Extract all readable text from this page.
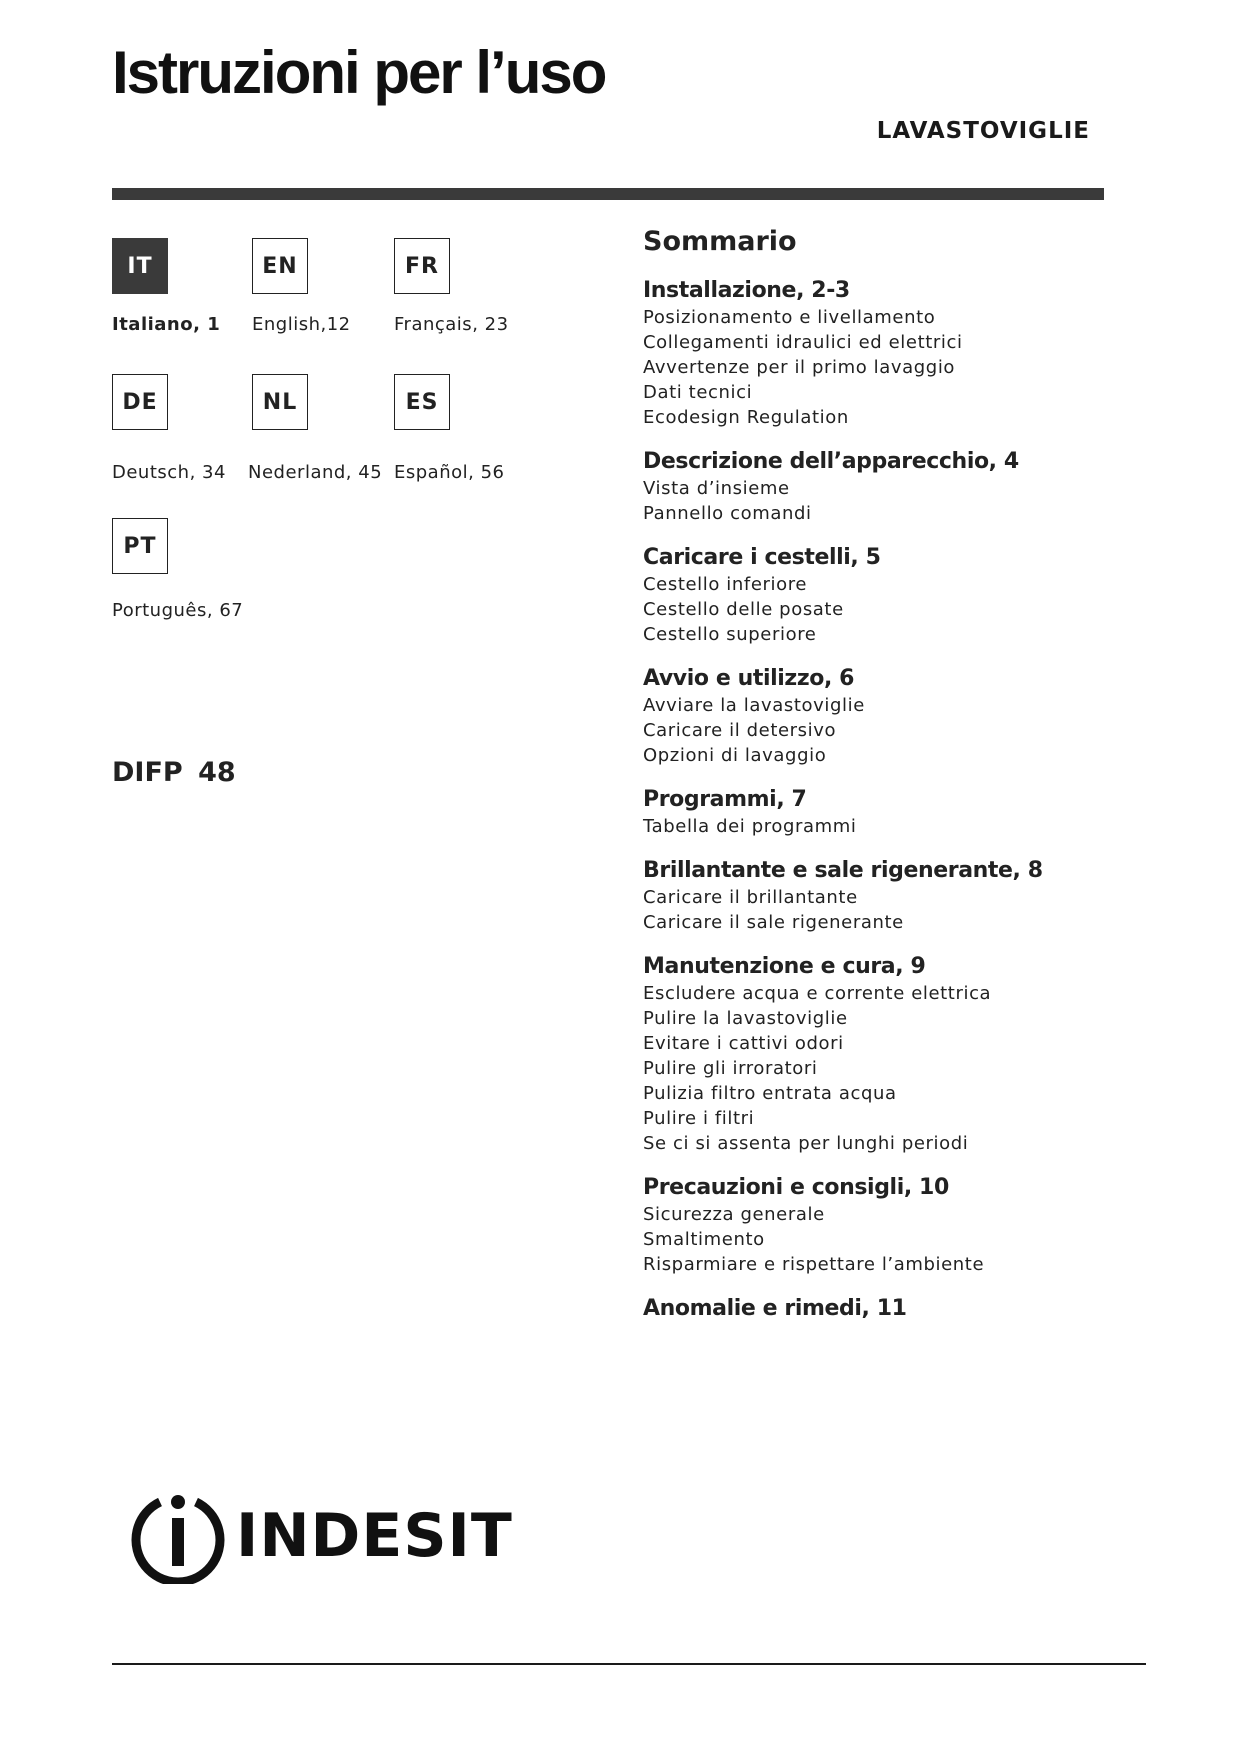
Istruzioni per l’uso
LAVASTOVIGLIE
IT
Italiano, 1
EN
English,12
FR
Français, 23
DE
Deutsch, 34
NL
Nederland, 45
ES
Español, 56
PT
Português, 67
DIFP 48
Sommario
Installazione, 2-3
Posizionamento e livellamento
Collegamenti idraulici ed elettrici
Avvertenze per il primo lavaggio
Dati tecnici
Ecodesign Regulation
Descrizione dell’apparecchio, 4
Vista d’insieme
Pannello comandi
Caricare i cestelli, 5
Cestello inferiore
Cestello delle posate
Cestello superiore
Avvio e utilizzo, 6
Avviare la lavastoviglie
Caricare il detersivo
Opzioni di lavaggio
Programmi, 7
Tabella dei programmi
Brillantante e sale rigenerante, 8
Caricare il brillantante
Caricare il sale rigenerante
Manutenzione e cura, 9
Escludere acqua e corrente elettrica
Pulire la lavastoviglie
Evitare i cattivi odori
Pulire gli irroratori
Pulizia filtro entrata acqua
Pulire i filtri
Se ci si assenta per lunghi periodi
Precauzioni e consigli, 10
Sicurezza generale
Smaltimento
Risparmiare e rispettare l’ambiente
Anomalie e rimedi, 11
INDESIT
